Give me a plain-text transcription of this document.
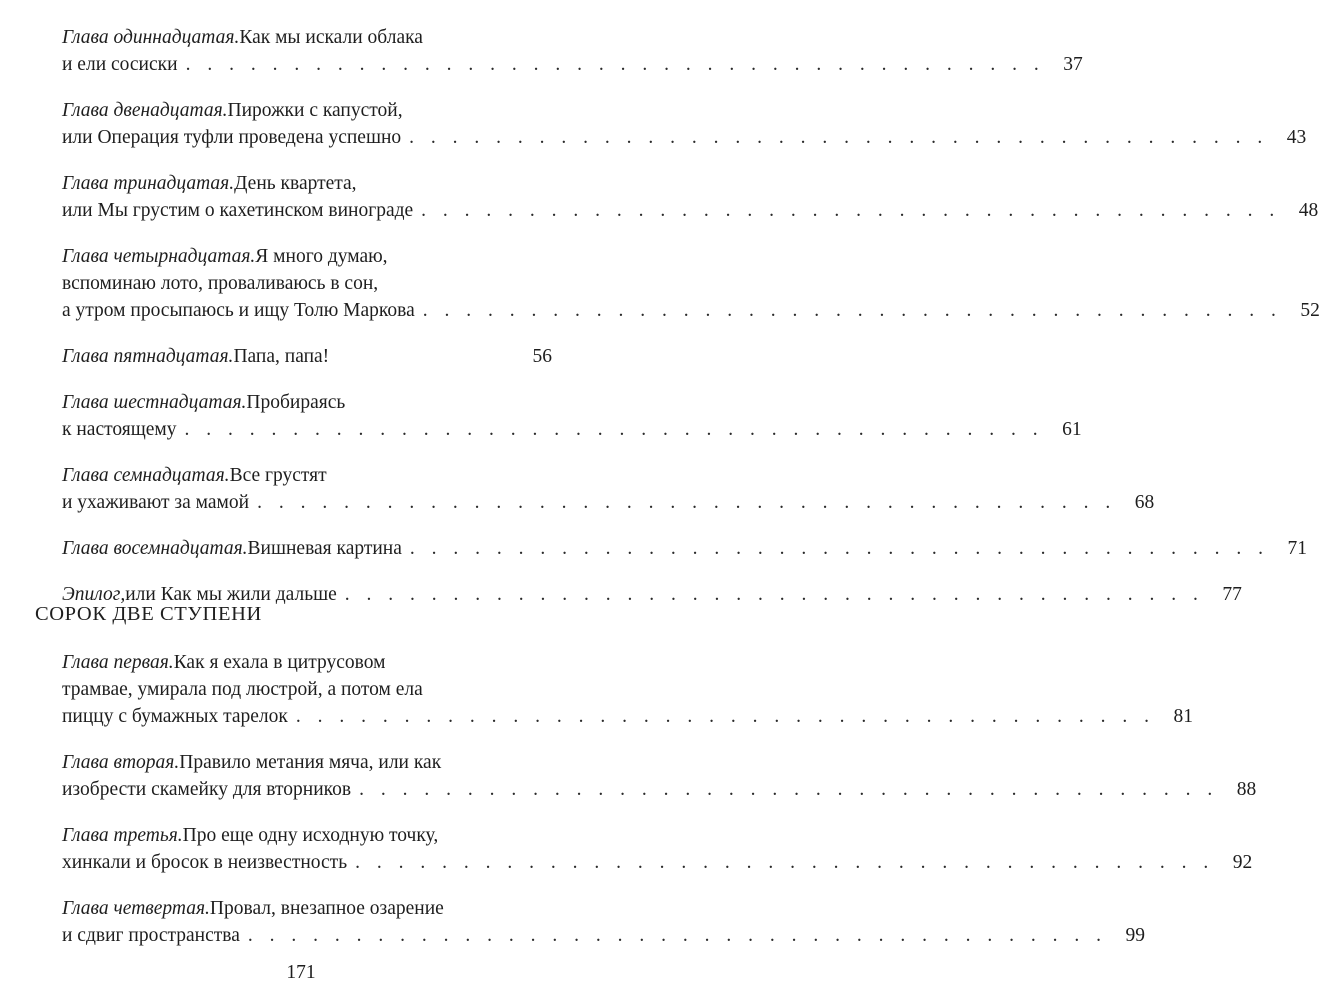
Глава одиннадцатая. Как мы искали облака
и ели сосиски . . . . . . . . . . . . . . . . . . . . . . . . . . . . . . . . . . . . . . . . 37
Глава двенадцатая. Пирожки с капустой,
или Операция туфли проведена успешно . . . . . . . . . . . . . . . . . . . . . . . . . . . . . . . . . . . . . . . . 43
Глава тринадцатая. День квартета,
или Мы грустим о кахетинском винограде . . . . . . . . . . . . . . . . . . . . . . . . . . . . . . . . . . . . . . . . 48
Глава четырнадцатая. Я много думаю,
вспоминаю лото, проваливаюсь в сон,
а утром просыпаюсь и ищу Толю Маркова . . . . . . . . . . . . . . . . . . . . . . . . . . . . . . . . . . . . . . . . 52
Глава пятнадцатая. Папа, папа!	56
Глава шестнадцатая. Пробираясь
к настоящему . . . . . . . . . . . . . . . . . . . . . . . . . . . . . . . . . . . . . . . . 61
Глава семнадцатая. Все грустят
и ухаживают за мамой . . . . . . . . . . . . . . . . . . . . . . . . . . . . . . . . . . . . . . . . 68
Глава восемнадцатая. Вишневая картина . . . . . . . . . . . . . . . . . . . . . . . . . . . . . . . . . . . . . . . . 71
Эпилог, или Как мы жили дальше . . . . . . . . . . . . . . . . . . . . . . . . . . . . . . . . . . . . . . . . 77
СОРОК ДВЕ СТУПЕНИ
Глава первая. Как я ехала в цитрусовом
трамвае, умирала под люстрой, а потом ела
пиццу с бумажных тарелок . . . . . . . . . . . . . . . . . . . . . . . . . . . . . . . . . . . . . . . . 81
Глава вторая. Правило метания мяча, или как
изобрести скамейку для вторников . . . . . . . . . . . . . . . . . . . . . . . . . . . . . . . . . . . . . . . . 88
Глава третья. Про еще одну исходную точку,
хинкали и бросок в неизвестность . . . . . . . . . . . . . . . . . . . . . . . . . . . . . . . . . . . . . . . . 92
Глава четвертая. Провал, внезапное озарение
и сдвиг пространства . . . . . . . . . . . . . . . . . . . . . . . . . . . . . . . . . . . . . . . . 99
171
